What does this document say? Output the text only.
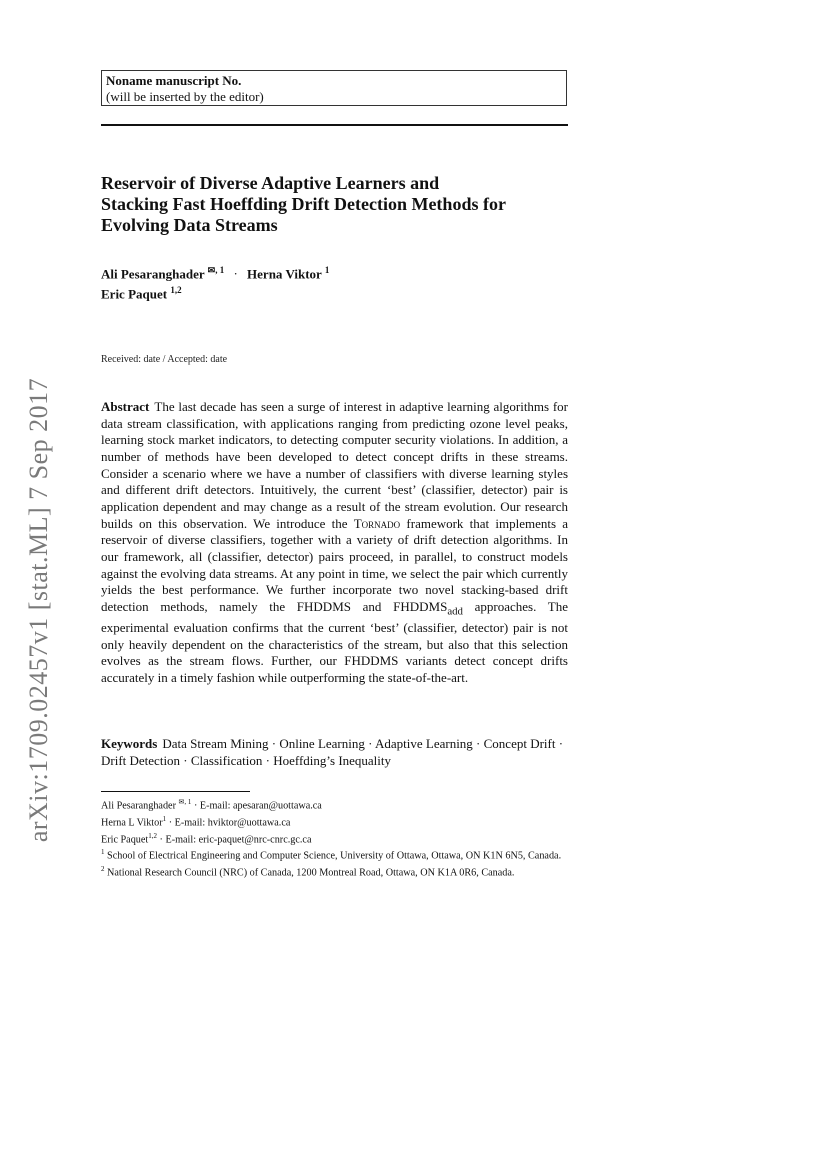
arXiv:1709.02457v1 [stat.ML] 7 Sep 2017
Noname manuscript No.
(will be inserted by the editor)
Reservoir of Diverse Adaptive Learners and
Stacking Fast Hoeffding Drift Detection Methods for
Evolving Data Streams
Ali Pesaranghader $^{✉, 1}$ · Herna Viktor $^1$
Eric Paquet $^{1,2}$
Received: date / Accepted: date

Abstract The last decade has seen a surge of interest in adaptive learning algorithms for data stream classification, with applications ranging from predicting ozone level peaks, learning stock market indicators, to detecting computer security violations. In addition, a number of methods have been developed to detect concept drifts in these streams. Consider a scenario where we have a number of classifiers with diverse learning styles and different drift detectors. Intuitively, the current ‘best’ (classifier, detector) pair is application dependent and may change as a result of the stream evolution. Our research builds on this observation. We introduce the Tornado framework that implements a reservoir of diverse classifiers, together with a variety of drift detection algorithms. In our framework, all (classifier, detector) pairs proceed, in parallel, to construct models against the evolving data streams. At any point in time, we select the pair which currently yields the best performance. We further incorporate two novel stacking-based drift detection methods, namely the FHDDMS and $FHDDMS_{add}$ approaches. The experimental evaluation confirms that the current ‘best’ (classifier, detector) pair is not only heavily dependent on the characteristics of the stream, but also that this selection evolves as the stream flows. Further, our FHDDMS variants detect concept drifts accurately in a timely fashion while outperforming the state-of-the-art.

Keywords Data Stream Mining · Online Learning · Adaptive Learning · Concept Drift · Drift Detection · Classification · Hoeffding’s Inequality

Ali Pesaranghader $^{✉, 1}$ · E-mail: apesaran@uottawa.ca
Herna L Viktor$^1$ · E-mail: hviktor@uottawa.ca
Eric Paquet$^{1,2}$ · E-mail: eric-paquet@nrc-cnrc.gc.ca
$^1$ School of Electrical Engineering and Computer Science, University of Ottawa, Ottawa, ON K1N 6N5, Canada.
$^2$ National Research Council (NRC) of Canada, 1200 Montreal Road, Ottawa, ON K1A 0R6, Canada.
